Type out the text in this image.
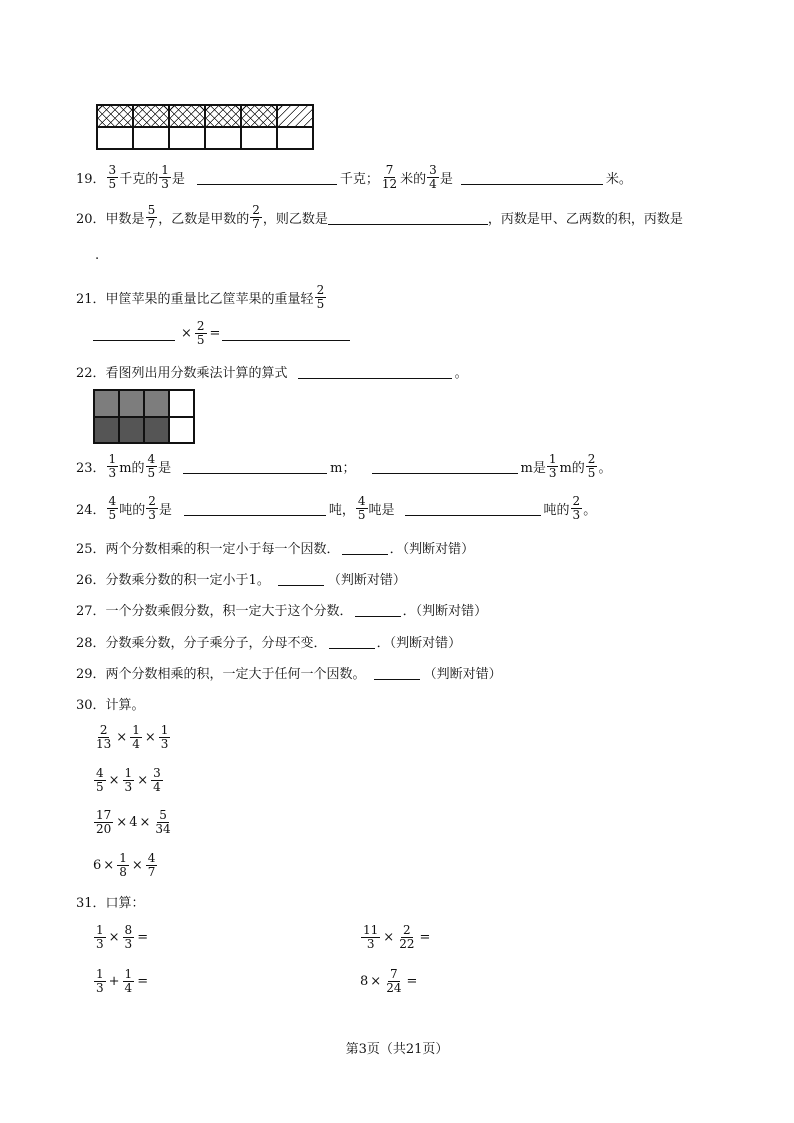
19． $\frac{3}{5}$ 千克的 $\frac{1}{3}$ 是	千克； $\frac{7}{12}$ 米的 $\frac{3}{4}$ 是	米。
20． 甲数是 $\frac{5}{7}$ ，乙数是甲数的 $\frac{2}{7}$ ，则乙数是	，丙数是甲、乙两数的积，丙数是
.
21． 甲筐苹果的重量比乙筐苹果的重量轻 $\frac{2}{5}$
× $\frac{2}{5}$ =
22． 看图列出用分数乘法计算的算式	。
23． $\frac{1}{3}$ m的 $\frac{4}{5}$ 是	m；	m是 $\frac{1}{3}$ m的 $\frac{2}{5}$ 。
24． $\frac{4}{5}$ 吨的 $\frac{2}{3}$ 是	吨， $\frac{4}{5}$ 吨是	吨的 $\frac{2}{3}$ 。
25． 两个分数相乘的积一定小于每一个因数．	．（判断对错）
26． 分数乘分数的积一定小于1。	（判断对错）
27． 一个分数乘假分数，积一定大于这个分数．	．（判断对错）
28． 分数乘分数，分子乘分子，分母不变．	．（判断对错）
29． 两个分数相乘的积，一定大于任何一个因数。	（判断对错）
30． 计算。
$\frac{2}{13} \times \frac{1}{4} \times \frac{1}{3}$
$\frac{4}{5} \times \frac{1}{3} \times \frac{3}{4}$
$\frac{17}{20} \times 4 \times \frac{5}{34}$
$6 \times \frac{1}{8} \times \frac{4}{7}$
31． 口算：
$\frac{1}{3} \times \frac{8}{3}$ =	$\frac{11}{3} \times \frac{2}{22}$ =
$\frac{1}{3} + \frac{1}{4}$ =	$8 \times \frac{7}{24}$ =
第3页（共21页）
